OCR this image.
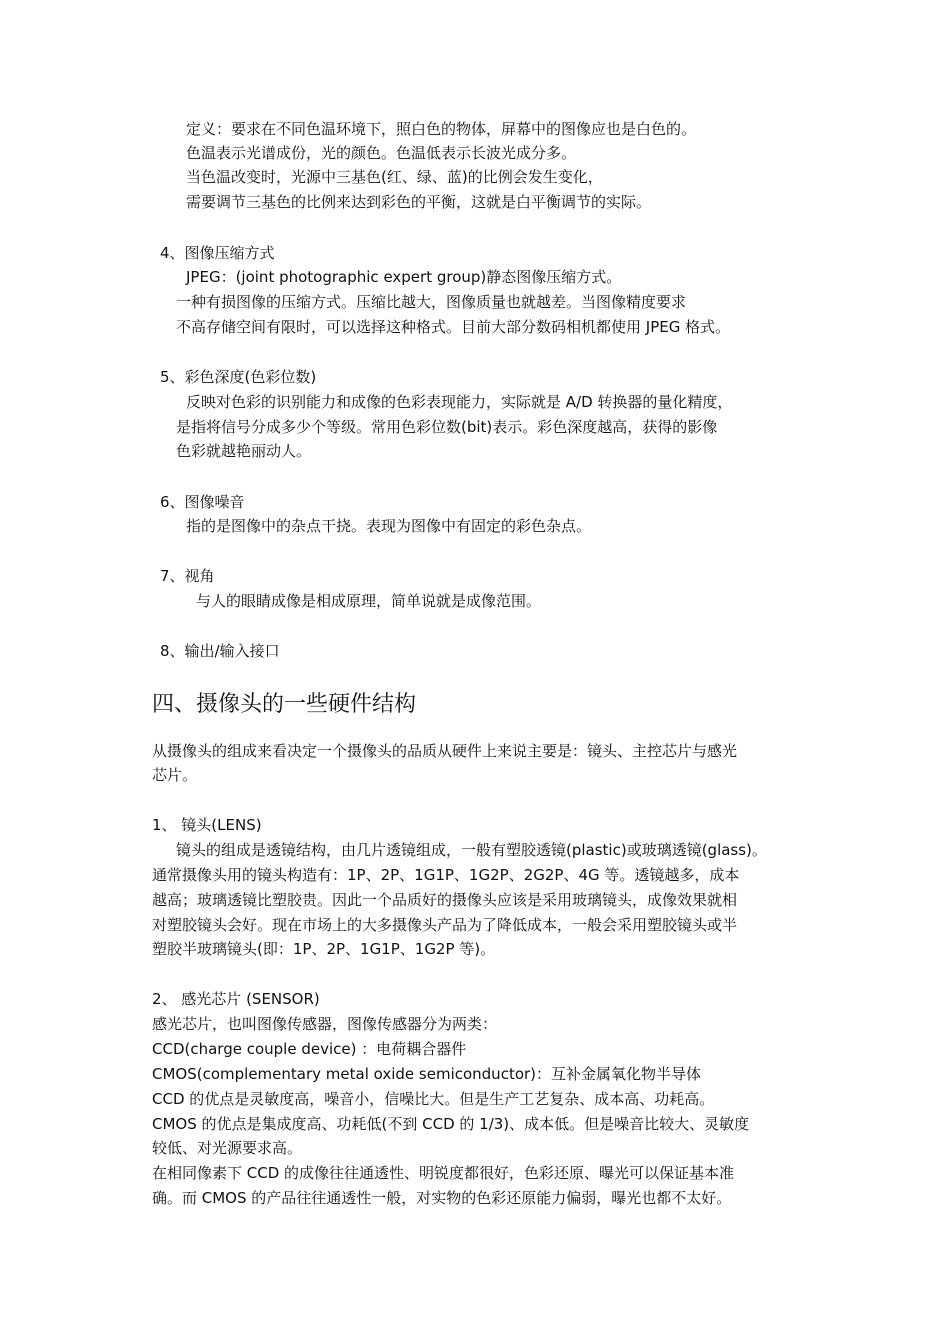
定义：要求在不同色温环境下，照白色的物体，屏幕中的图像应也是白色的。
色温表示光谱成份，光的颜色。色温低表示长波光成分多。
当色温改变时，光源中三基色(红、绿、蓝)的比例会发生变化，
需要调节三基色的比例来达到彩色的平衡，这就是白平衡调节的实际。
4、图像压缩方式
JPEG：(joint photographic expert group)静态图像压缩方式。
一种有损图像的压缩方式。压缩比越大，图像质量也就越差。当图像精度要求
不高存储空间有限时，可以选择这种格式。目前大部分数码相机都使用 JPEG 格式。
5、彩色深度(色彩位数)
反映对色彩的识别能力和成像的色彩表现能力，实际就是 A/D 转换器的量化精度，
是指将信号分成多少个等级。常用色彩位数(bit)表示。彩色深度越高，获得的影像
色彩就越艳丽动人。
6、图像噪音
指的是图像中的杂点干挠。表现为图像中有固定的彩色杂点。
7、视角
与人的眼睛成像是相成原理，简单说就是成像范围。
8、输出/输入接口
四、摄像头的一些硬件结构
从摄像头的组成来看决定一个摄像头的品质从硬件上来说主要是：镜头、主控芯片与感光
芯片。
1、 镜头(LENS)
镜头的组成是透镜结构，由几片透镜组成，一般有塑胶透镜(plastic)或玻璃透镜(glass)。
通常摄像头用的镜头构造有：1P、2P、1G1P、1G2P、2G2P、4G 等。透镜越多，成本
越高；玻璃透镜比塑胶贵。因此一个品质好的摄像头应该是采用玻璃镜头，成像效果就相
对塑胶镜头会好。现在市场上的大多摄像头产品为了降低成本，一般会采用塑胶镜头或半
塑胶半玻璃镜头(即：1P、2P、1G1P、1G2P 等)。
2、 感光芯片 (SENSOR)
感光芯片，也叫图像传感器，图像传感器分为两类：
CCD(charge couple device) ：电荷耦合器件
CMOS(complementary metal oxide semiconductor)：互补金属氧化物半导体
CCD 的优点是灵敏度高，噪音小，信噪比大。但是生产工艺复杂、成本高、功耗高。
CMOS 的优点是集成度高、功耗低(不到 CCD 的 1/3)、成本低。但是噪音比较大、灵敏度
较低、对光源要求高。
在相同像素下 CCD 的成像往往通透性、明锐度都很好，色彩还原、曝光可以保证基本准
确。而 CMOS 的产品往往通透性一般，对实物的色彩还原能力偏弱，曝光也都不太好。
